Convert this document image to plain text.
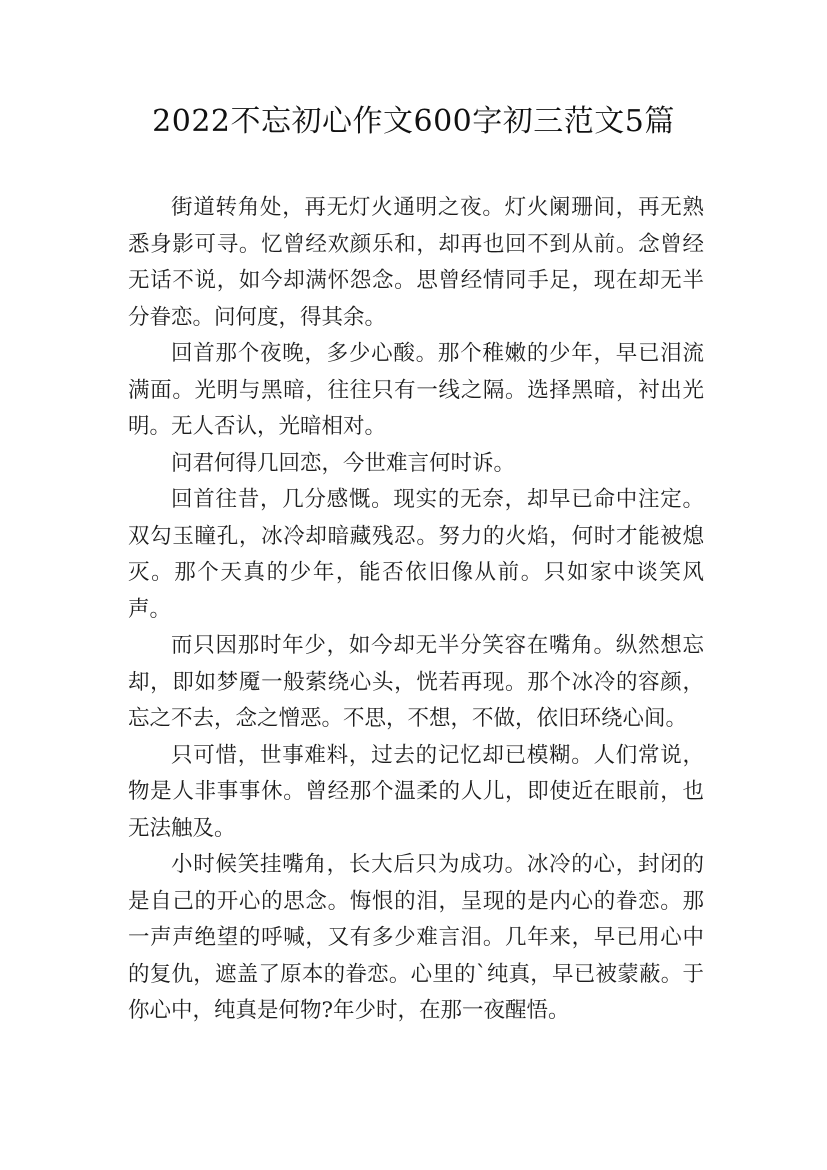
2022不忘初心作文600字初三范文5篇

街道转角处，再无灯火通明之夜。灯火阑珊间，再无熟悉身影可寻。忆曾经欢颜乐和，却再也回不到从前。念曾经无话不说，如今却满怀怨念。思曾经情同手足，现在却无半分眷恋。问何度，得其余。

回首那个夜晚，多少心酸。那个稚嫩的少年，早已泪流满面。光明与黑暗，往往只有一线之隔。选择黑暗，衬出光明。无人否认，光暗相对。

问君何得几回恋，今世难言何时诉。

回首往昔，几分感慨。现实的无奈，却早已命中注定。双勾玉瞳孔，冰冷却暗藏残忍。努力的火焰，何时才能被熄灭。那个天真的少年，能否依旧像从前。只如家中谈笑风声。

而只因那时年少，如今却无半分笑容在嘴角。纵然想忘却，即如梦魇一般萦绕心头，恍若再现。那个冰冷的容颜，忘之不去，念之憎恶。不思，不想，不做，依旧环绕心间。

只可惜，世事难料，过去的记忆却已模糊。人们常说，物是人非事事休。曾经那个温柔的人儿，即使近在眼前，也无法触及。

小时候笑挂嘴角，长大后只为成功。冰冷的心，封闭的是自己的开心的思念。悔恨的泪，呈现的是内心的眷恋。那一声声绝望的呼喊，又有多少难言泪。几年来，早已用心中的复仇，遮盖了原本的眷恋。心里的`纯真，早已被蒙蔽。于你心中，纯真是何物?年少时，在那一夜醒悟。
